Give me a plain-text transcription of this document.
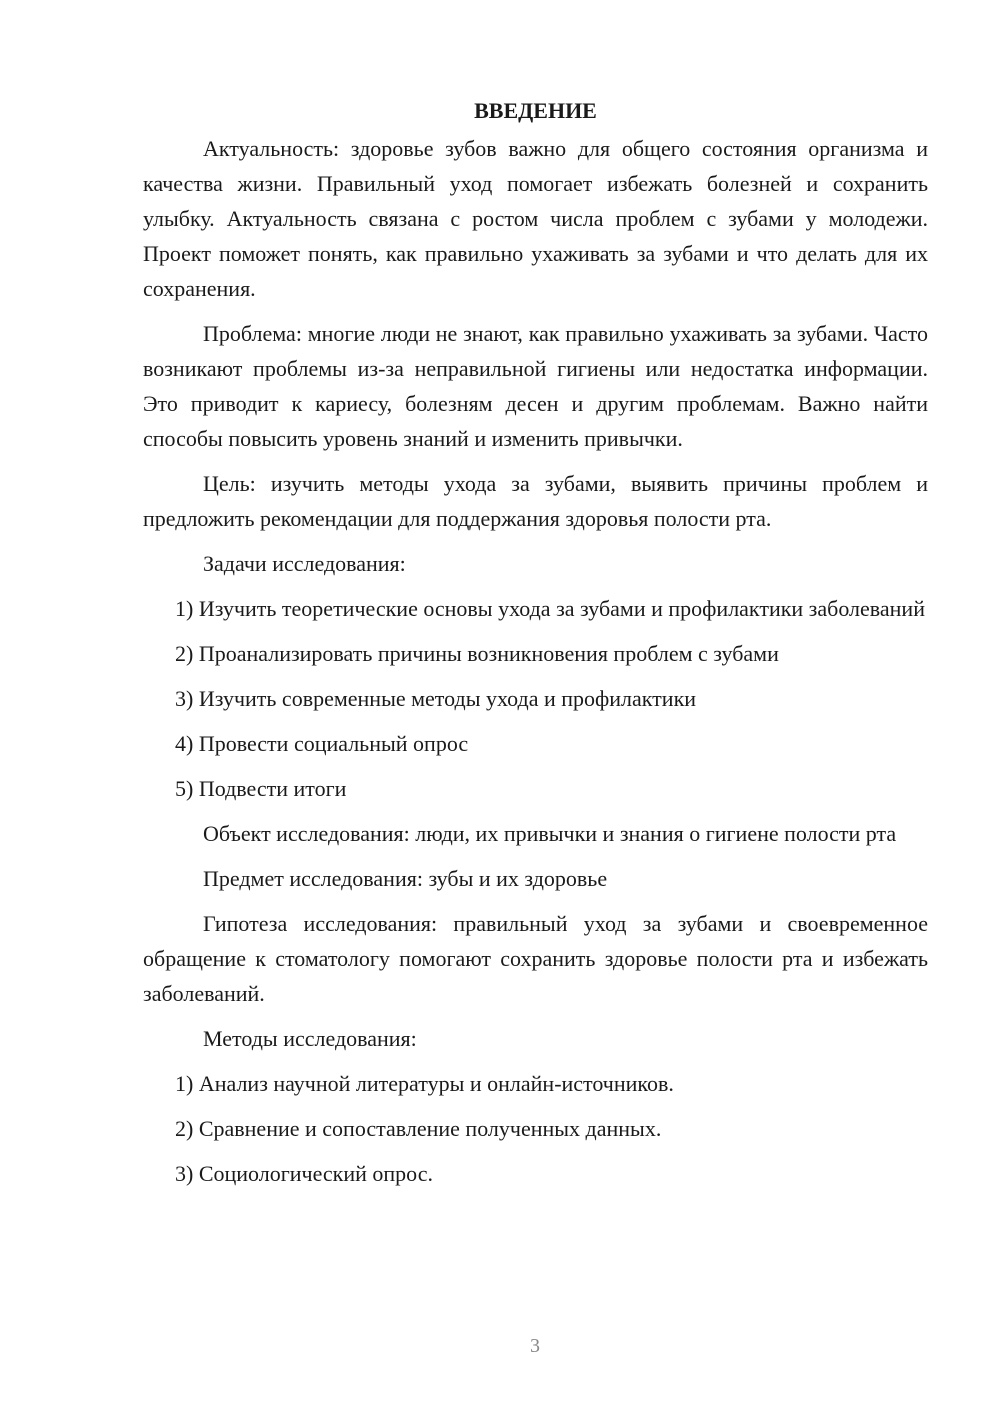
ВВЕДЕНИЕ

Актуальность: здоровье зубов важно для общего состояния организма и качества жизни. Правильный уход помогает избежать болезней и сохранить улыбку. Актуальность связана с ростом числа проблем с зубами у молодежи. Проект поможет понять, как правильно ухаживать за зубами и что делать для их сохранения.

Проблема: многие люди не знают, как правильно ухаживать за зубами. Часто возникают проблемы из-за неправильной гигиены или недостатка информации. Это приводит к кариесу, болезням десен и другим проблемам. Важно найти способы повысить уровень знаний и изменить привычки.

Цель: изучить методы ухода за зубами, выявить причины проблем и предложить рекомендации для поддержания здоровья полости рта.

Задачи исследования:

1) Изучить теоретические основы ухода за зубами и профилактики заболеваний

2) Проанализировать причины возникновения проблем с зубами

3) Изучить современные методы ухода и профилактики

4) Провести социальный опрос

5) Подвести итоги

Объект исследования: люди, их привычки и знания о гигиене полости рта

Предмет исследования: зубы и их здоровье

Гипотеза исследования: правильный уход за зубами и своевременное обращение к стоматологу помогают сохранить здоровье полости рта и избежать заболеваний.

Методы исследования:

1) Анализ научной литературы и онлайн-источников.

2) Сравнение и сопоставление полученных данных.

3) Социологический опрос.

3
